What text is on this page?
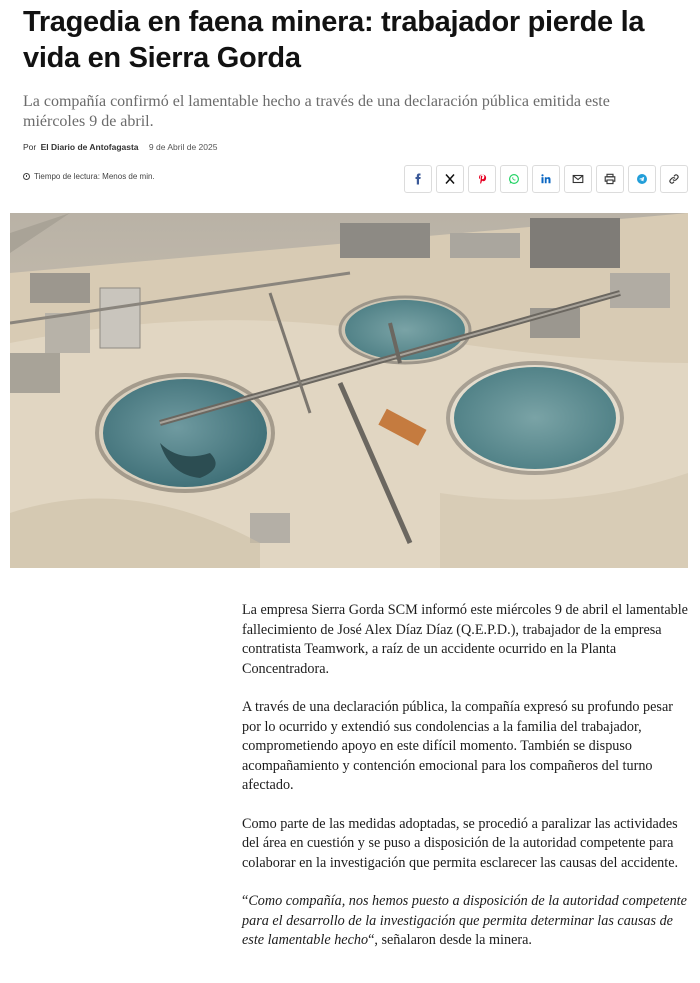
Tragedia en faena minera: trabajador pierde la vida en Sierra Gorda

La compañía confirmó el lamentable hecho a través de una declaración pública emitida este miércoles 9 de abril.

Por El Diario de Antofagasta 9 de Abril de 2025
Tiempo de lectura: Menos de min.

La empresa Sierra Gorda SCM informó este miércoles 9 de abril el lamentable fallecimiento de José Alex Díaz Díaz (Q.E.P.D.), trabajador de la empresa contratista Teamwork, a raíz de un accidente ocurrido en la Planta Concentradora.

A través de una declaración pública, la compañía expresó su profundo pesar por lo ocurrido y extendió sus condolencias a la familia del trabajador, comprometiendo apoyo en este difícil momento. También se dispuso acompañamiento y contención emocional para los compañeros del turno afectado.

Como parte de las medidas adoptadas, se procedió a paralizar las actividades del área en cuestión y se puso a disposición de la autoridad competente para colaborar en la investigación que permita esclarecer las causas del accidente.

“Como compañía, nos hemos puesto a disposición de la autoridad competente para el desarrollo de la investigación que permita determinar las causas de este lamentable hecho“, señalaron desde la minera.
